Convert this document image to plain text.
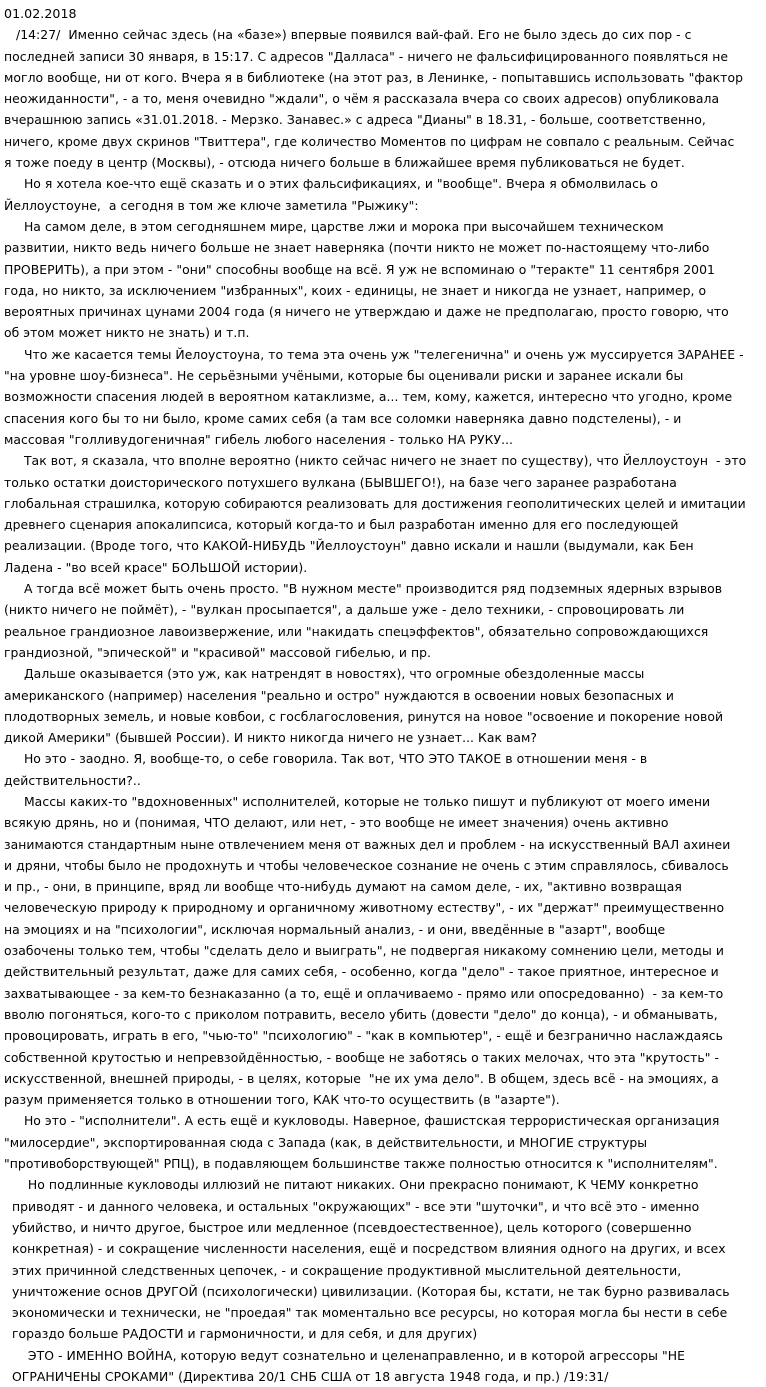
01.02.2018
/14:27/  Именно сейчас здесь (на «базе») впервые появился вай-фай. Его не было здесь до сих пор - с
последней записи 30 января, в 15:17. С адресов "Далласа" - ничего не фальсифицированного появляться не
могло вообще, ни от кого. Вчера я в библиотеке (на этот раз, в Ленинке, - попытавшись использовать "фактор
неожиданности", - а то, меня очевидно "ждали", о чём я рассказала вчера со своих адресов) опубликовала
вчерашнюю запись «31.01.2018. - Мерзко. Занавес.» с адреса "Дианы" в 18.31, - больше, соответственно,
ничего, кроме двух скринов "Твиттера", где количество Моментов по цифрам не совпало с реальным. Сейчас
я тоже поеду в центр (Москвы), - отсюда ничего больше в ближайшее время публиковаться не будет.
Но я хотела кое-что ещё сказать и о этих фальсификациях, и "вообще". Вчера я обмолвилась о
Йеллоустоуне,  а сегодня в том же ключе заметила "Рыжику":
На самом деле, в этом сегодняшнем мире, царстве лжи и морока при высочайшем техническом
развитии, никто ведь ничего больше не знает наверняка (почти никто не может по-настоящему что-либо
ПРОВЕРИТЬ), а при этом - "они" способны вообще на всё. Я уж не вспоминаю о "теракте" 11 сентября 2001
года, но никто, за исключением "избранных", коих - единицы, не знает и никогда не узнает, например, о
вероятных причинах цунами 2004 года (я ничего не утверждаю и даже не предполагаю, просто говорю, что
об этом может никто не знать) и т.п.
Что же касается темы Йелоустоуна, то тема эта очень уж "телегенична" и очень уж муссируется ЗАРАНЕЕ -
"на уровне шоу-бизнеса". Не серьёзными учёными, которые бы оценивали риски и заранее искали бы
возможности спасения людей в вероятном катаклизме, а... тем, кому, кажется, интересно что угодно, кроме
спасения кого бы то ни было, кроме самих себя (а там все соломки наверняка давно подстелены), - и
массовая "голливудогеничная" гибель любого населения - только НА РУКУ...
Так вот, я сказала, что вполне вероятно (никто сейчас ничего не знает по существу), что Йеллоустоун  - это
только остатки доисторического потухшего вулкана (БЫВШЕГО!), на базе чего заранее разработана
глобальная страшилка, которую собираются реализовать для достижения геополитических целей и имитации
древнего сценария апокалипсиса, который когда-то и был разработан именно для его последующей
реализации. (Вроде того, что КАКОЙ-НИБУДЬ "Йеллоустоун" давно искали и нашли (выдумали, как Бен
Ладена - "во всей красе" БОЛЬШОЙ истории).
А тогда всё может быть очень просто. "В нужном месте" производится ряд подземных ядерных взрывов
(никто ничего не поймёт), - "вулкан просыпается", а дальше уже - дело техники, - спровоцировать ли
реальное грандиозное лавоизвержение, или "накидать спецэффектов", обязательно сопровождающихся
грандиозной, "эпической" и "красивой" массовой гибелью, и пр.
Дальше оказывается (это уж, как натрендят в новостях), что огромные обездоленные массы
американского (например) населения "реально и остро" нуждаются в освоении новых безопасных и
плодотворных земель, и новые ковбои, с госблагословения, ринутся на новое "освоение и покорение новой
дикой Америки" (бывшей России). И никто никогда ничего не узнает... Как вам?
Но это - заодно. Я, вообще-то, о себе говорила. Так вот, ЧТО ЭТО ТАКОЕ в отношении меня - в
действительности?..
Массы каких-то "вдохновенных" исполнителей, которые не только пишут и публикуют от моего имени
всякую дрянь, но и (понимая, ЧТО делают, или нет, - это вообще не имеет значения) очень активно
занимаются стандартным ныне отвлечением меня от важных дел и проблем - на искусственный ВАЛ ахинеи
и дряни, чтобы было не продохнуть и чтобы человеческое сознание не очень с этим справлялось, сбивалось
и пр., - они, в принципе, вряд ли вообще что-нибудь думают на самом деле, - их, "активно возвращая
человеческую природу к природному и органичному животному естеству", - их "держат" преимущественно
на эмоциях и на "психологии", исключая нормальный анализ, - и они, введённые в "азарт", вообще
озабочены только тем, чтобы "сделать дело и выиграть", не подвергая никакому сомнению цели, методы и
действительный результат, даже для самих себя, - особенно, когда "дело" - такое приятное, интересное и
захватывающее - за кем-то безнаказанно (а то, ещё и оплачиваемо - прямо или опосредованно)  - за кем-то
вволю погоняться, кого-то с приколом потравить, весело убить (довести "дело" до конца), - и обманывать,
провоцировать, играть в его, "чью-то" "психологию" - "как в компьютер", - ещё и безгранично наслаждаясь
собственной крутостью и непревзойдённостью, - вообще не заботясь о таких мелочах, что эта "крутость" -
искусственной, внешней природы, - в целях, которые  "не их ума дело". В общем, здесь всё - на эмоциях, а
разум применяется только в отношении того, КАК что-то осуществить (в "азарте").
Но это - "исполнители". А есть ещё и кукловоды. Наверное, фашистская террористическая организация
"милосердие", экспортированная сюда с Запада (как, в действительности, и МНОГИЕ структуры
"противоборствующей" РПЦ), в подавляющем большинстве также полностью относится к "исполнителям".
Но подлинные кукловоды иллюзий не питают никаких. Они прекрасно понимают, К ЧЕМУ конкретно
приводят - и данного человека, и остальных "окружающих" - все эти "шуточки", и что всё это - именно
убийство, и ничто другое, быстрое или медленное (псевдоестественное), цель которого (совершенно
конкретная) - и сокращение численности населения, ещё и посредством влияния одного на других, и всех
этих причинной следственных цепочек, - и сокращение продуктивной мыслительной деятельности,
уничтожение основ ДРУГОЙ (психологически) цивилизации. (Которая бы, кстати, не так бурно развивалась
экономически и технически, не "проедая" так моментально все ресурсы, но которая могла бы нести в себе
гораздо больше РАДОСТИ и гармоничности, и для себя, и для других)
ЭТО - ИМЕННО ВОЙНА, которую ведут сознательно и целенаправленно, и в которой агрессоры "НЕ
ОГРАНИЧЕНЫ СРОКАМИ" (Директива 20/1 СНБ США от 18 августа 1948 года, и пр.) /19:31/
